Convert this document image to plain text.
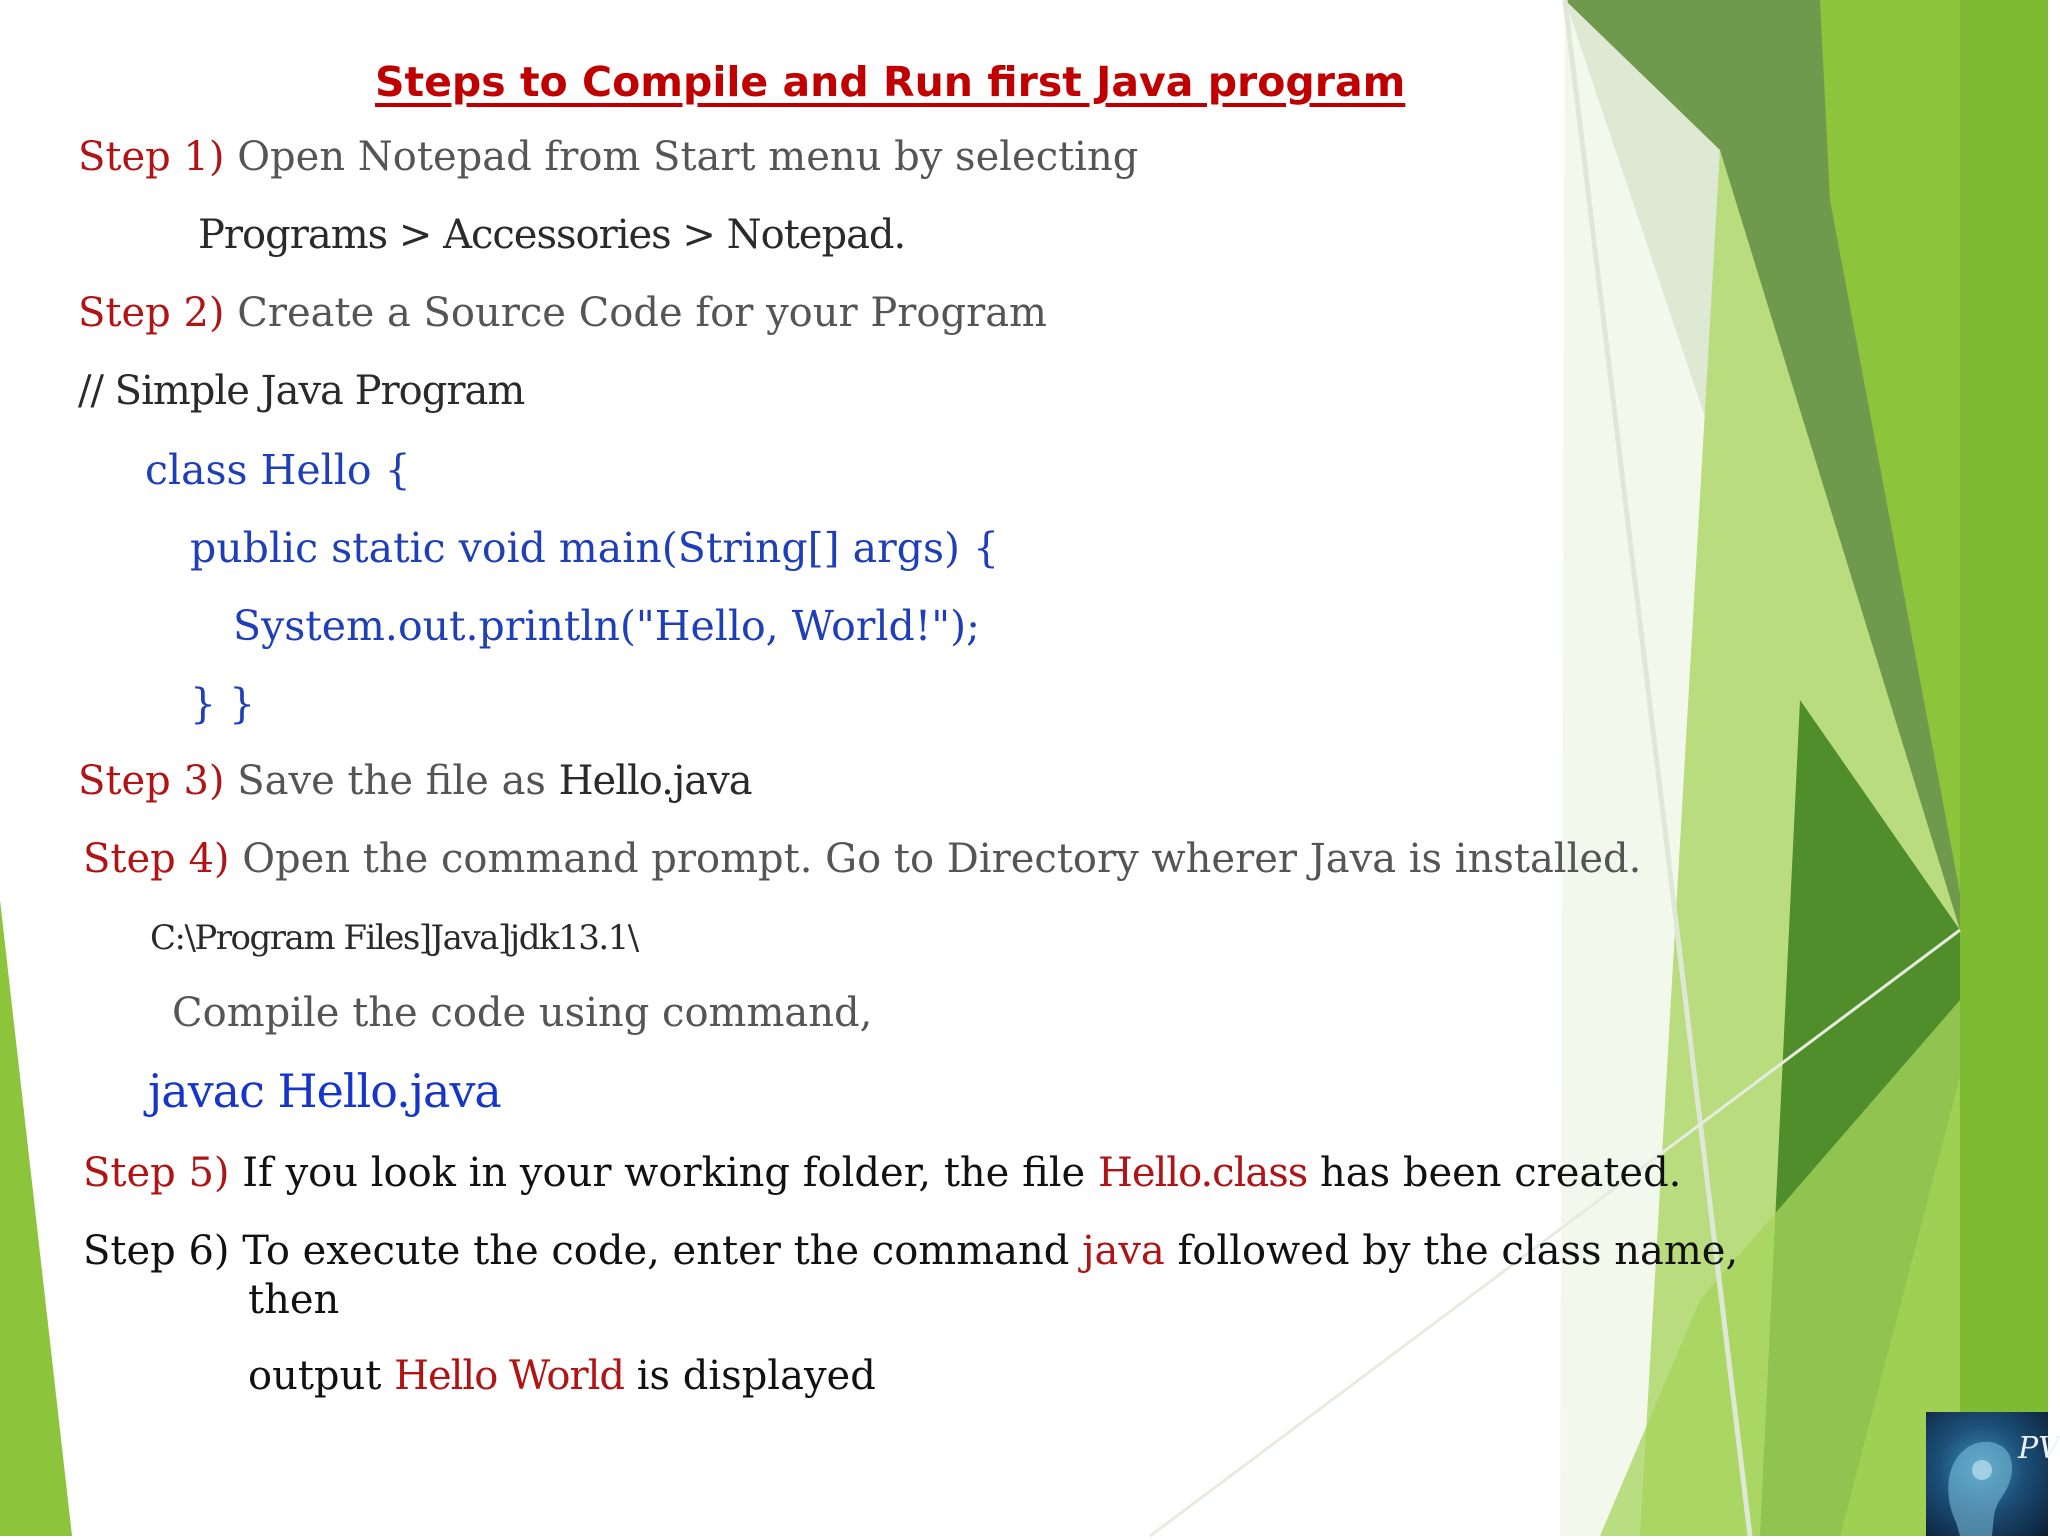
Steps to Compile and Run first Java program
Step 1) Open Notepad from Start menu by selecting
Programs > Accessories > Notepad.
Step 2) Create a Source Code for your Program
// Simple Java Program
class Hello {
public static void main(String[] args) {
System.out.println("Hello, World!");
} }
Step 3) Save the file as Hello.java
Step 4) Open the command prompt. Go to Directory wherer Java is installed.
C:\Program Files]Java]jdk13.1\
Compile the code using command,
javac Hello.java
Step 5) If you look in your working folder, the file Hello.class has been created.
Step 6) To execute the code, enter the command java followed by the class name,
then
output Hello World is displayed
PV
